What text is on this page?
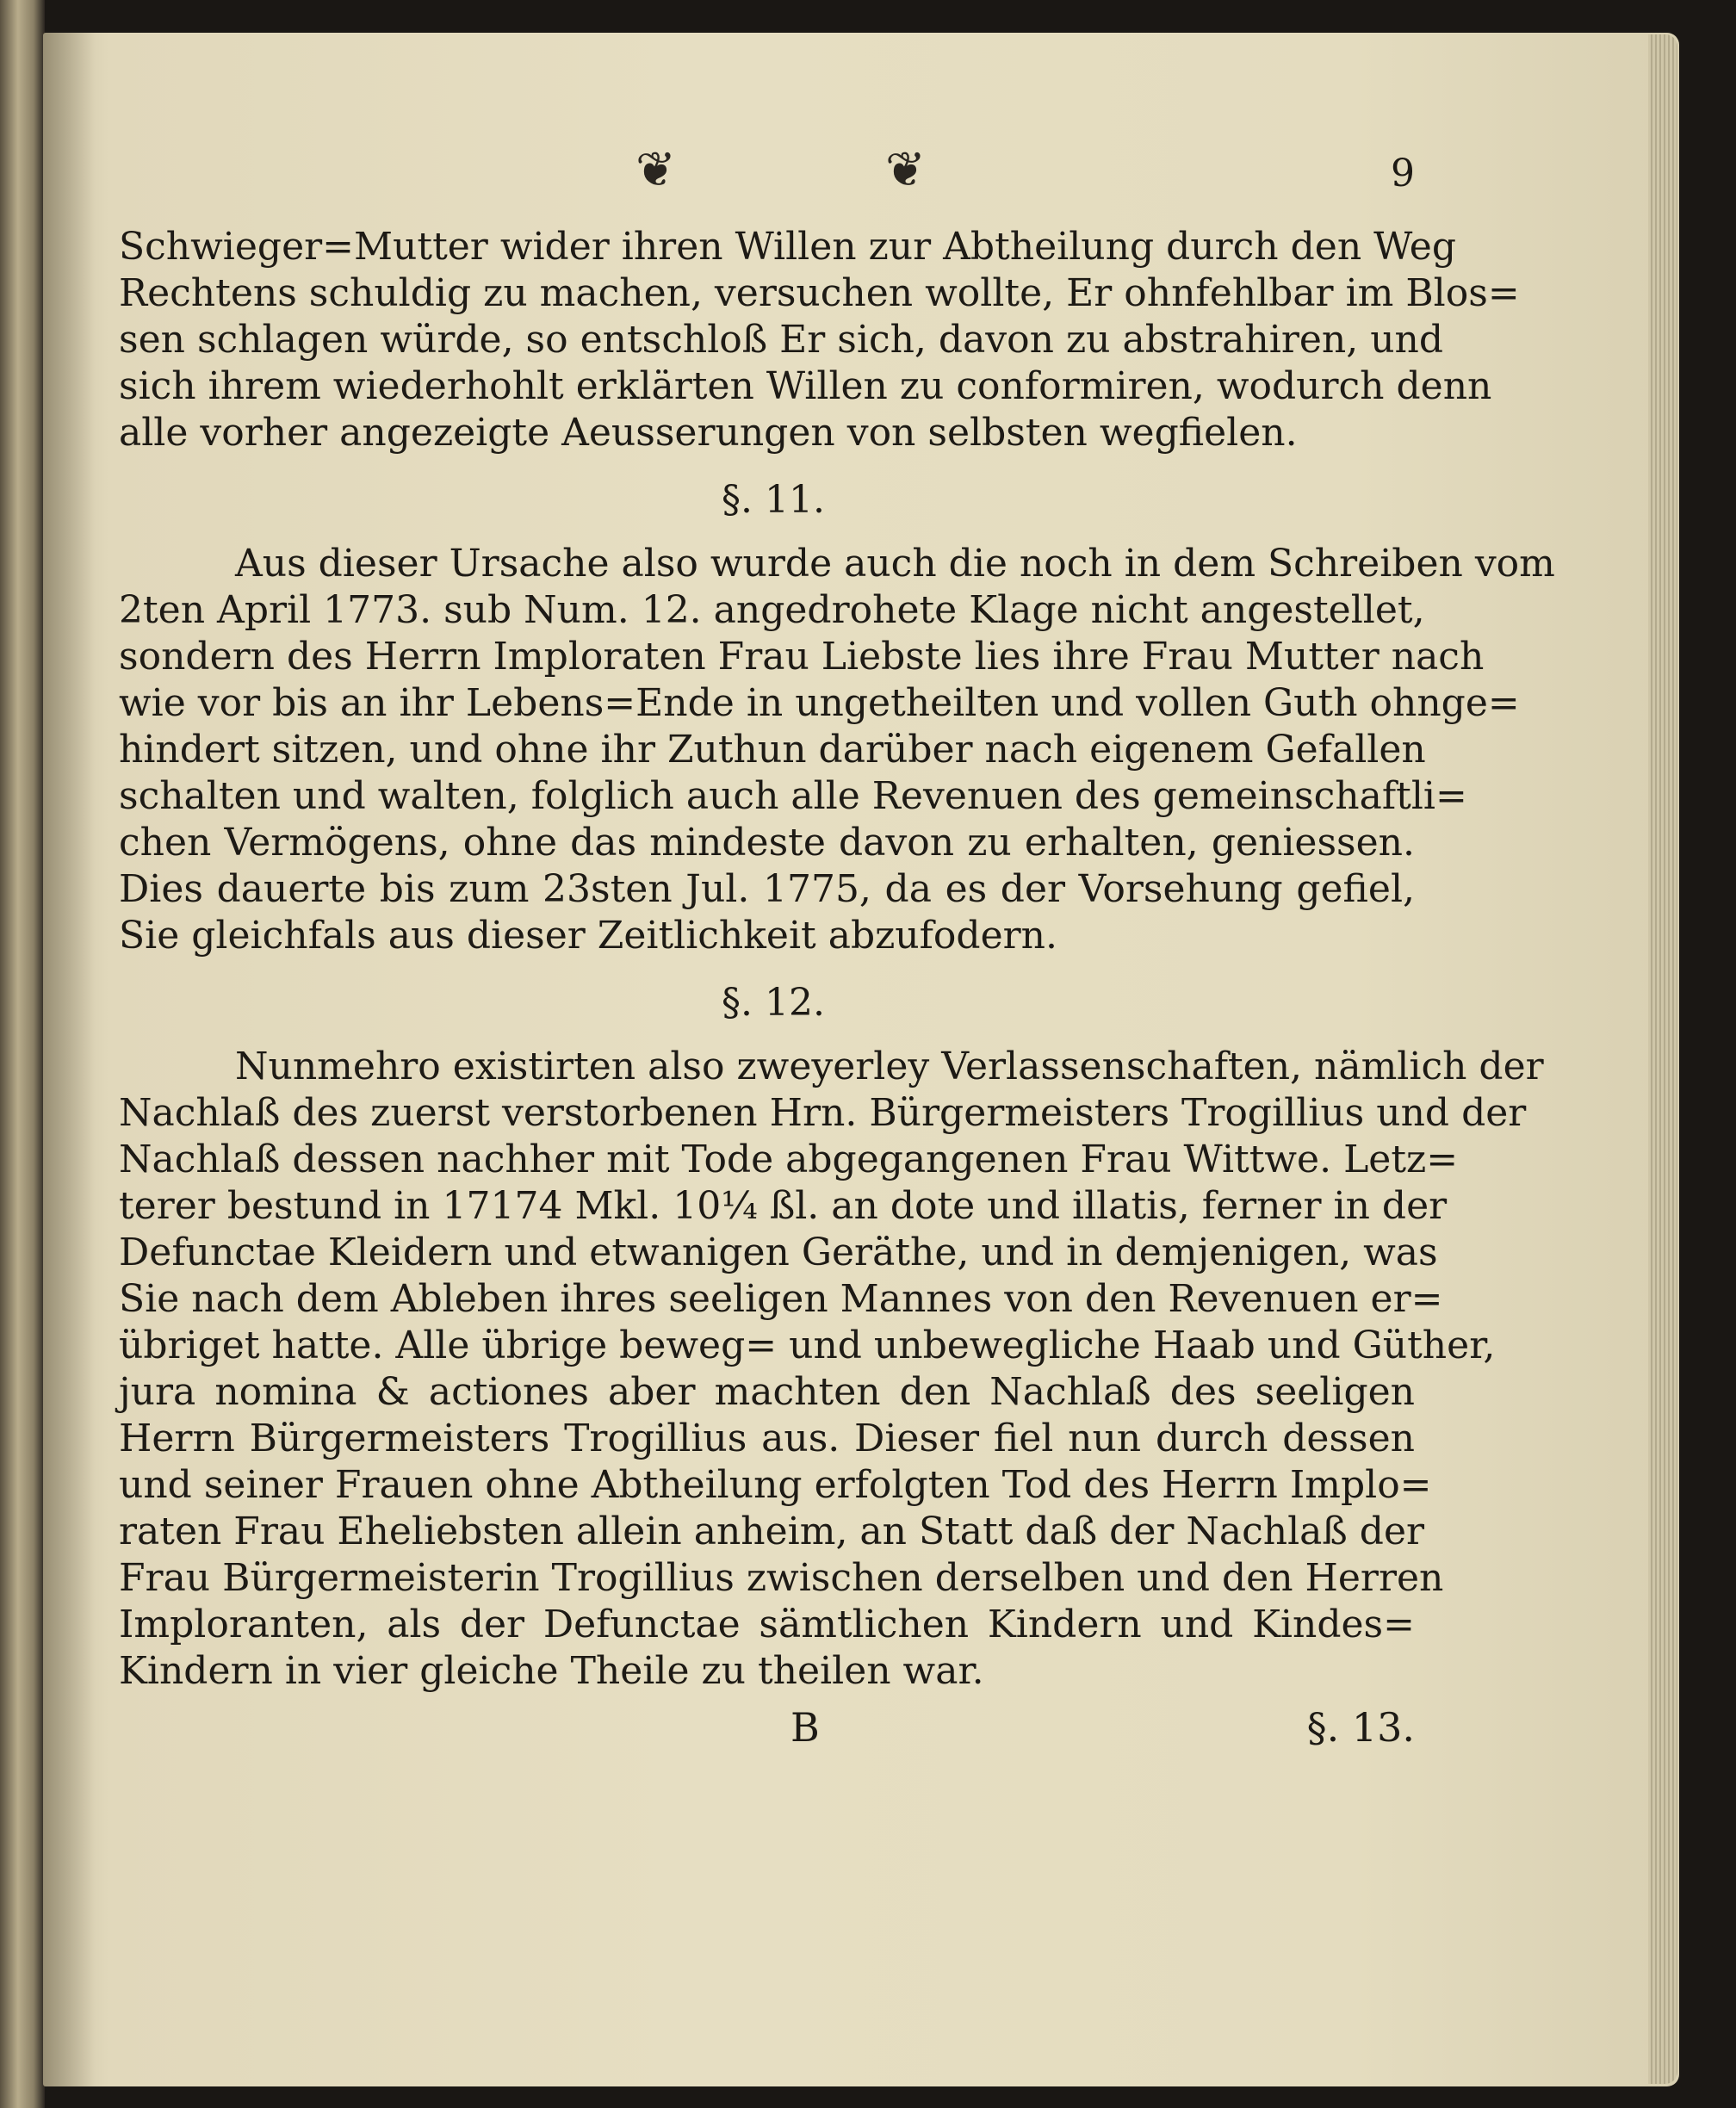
❦	❦	9
Schwieger=Mutter wider ihren Willen zur Abtheilung durch den Weg
Rechtens schuldig zu machen, versuchen wollte, Er ohnfehlbar im Blos=
sen schlagen würde, so entschloß Er sich, davon zu abstrahiren, und
sich ihrem wiederhohlt erklärten Willen zu conformiren, wodurch denn
alle vorher angezeigte Aeusserungen von selbsten wegfielen.
§. 11.
Aus dieser Ursache also wurde auch die noch in dem Schreiben vom
2ten April 1773. sub Num. 12. angedrohete Klage nicht angestellet,
sondern des Herrn Imploraten Frau Liebste lies ihre Frau Mutter nach
wie vor bis an ihr Lebens=Ende in ungetheilten und vollen Guth ohnge=
hindert sitzen, und ohne ihr Zuthun darüber nach eigenem Gefallen
schalten und walten, folglich auch alle Revenuen des gemeinschaftli=
chen Vermögens, ohne das mindeste davon zu erhalten, geniessen.
Dies dauerte bis zum 23sten Jul. 1775, da es der Vorsehung gefiel,
Sie gleichfals aus dieser Zeitlichkeit abzufodern.
§. 12.
Nunmehro existirten also zweyerley Verlassenschaften, nämlich der
Nachlaß des zuerst verstorbenen Hrn. Bürgermeisters Trogillius und der
Nachlaß dessen nachher mit Tode abgegangenen Frau Wittwe. Letz=
terer bestund in 17174 Mkl. 10¼ ßl. an dote und illatis, ferner in der
Defunctae Kleidern und etwanigen Geräthe, und in demjenigen, was
Sie nach dem Ableben ihres seeligen Mannes von den Revenuen er=
übriget hatte. Alle übrige beweg= und unbewegliche Haab und Güther,
jura nomina & actiones aber machten den Nachlaß des seeligen
Herrn Bürgermeisters Trogillius aus. Dieser fiel nun durch dessen
und seiner Frauen ohne Abtheilung erfolgten Tod des Herrn Implo=
raten Frau Eheliebsten allein anheim, an Statt daß der Nachlaß der
Frau Bürgermeisterin Trogillius zwischen derselben und den Herren
Imploranten, als der Defunctae sämtlichen Kindern und Kindes=
Kindern in vier gleiche Theile zu theilen war.
B	§. 13.
